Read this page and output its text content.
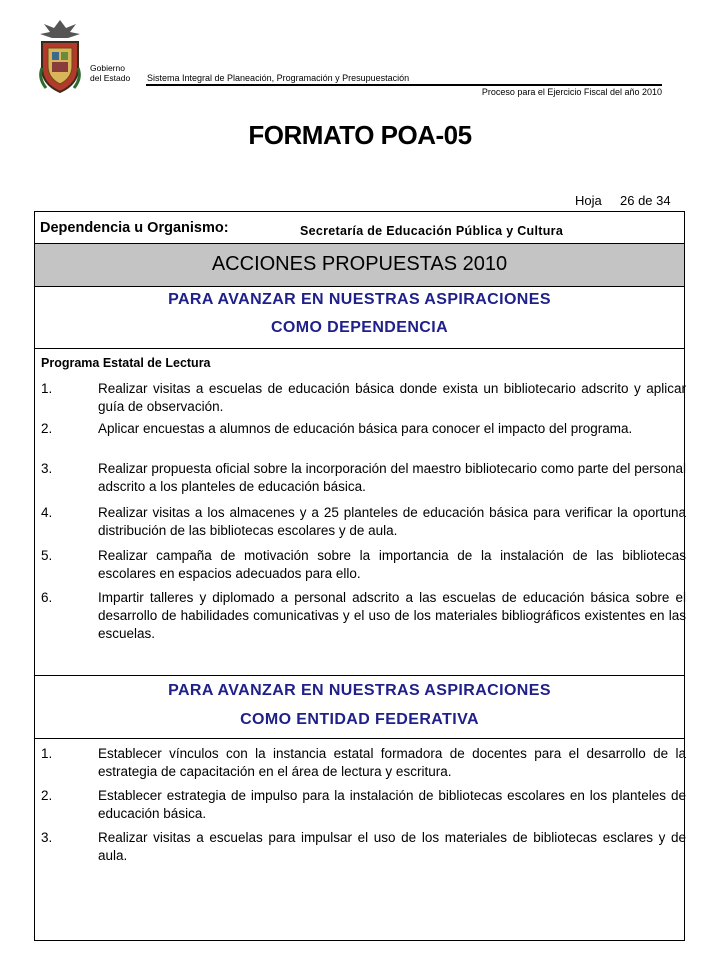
Gobierno
del Estado Sistema Integral de Planeación, Programación y Presupuestación
Proceso para el Ejercicio Fiscal del año 2010
FORMATO POA-05
Hoja 26 de 34
Dependencia u Organismo:	Secretaría de Educación Pública y Cultura
ACCIONES PROPUESTAS 2010
PARA AVANZAR EN NUESTRAS ASPIRACIONES
COMO DEPENDENCIA
Programa Estatal de Lectura
1.	Realizar visitas a escuelas de educación básica donde exista un bibliotecario adscrito y aplicar guía de observación.
2.	Aplicar encuestas a alumnos de educación básica para conocer el impacto del programa.
3.	Realizar propuesta oficial sobre la incorporación del maestro bibliotecario como parte del personal adscrito a los planteles de educación básica.
4.	Realizar visitas a los almacenes y a 25 planteles de educación básica para verificar la oportuna distribución de las bibliotecas escolares y de aula.
5.	Realizar campaña de motivación sobre la importancia de la instalación de las bibliotecas escolares en espacios adecuados para ello.
6.	Impartir talleres y diplomado a personal adscrito a las escuelas de educación básica sobre el desarrollo de habilidades comunicativas y el uso de los materiales bibliográficos existentes en las escuelas.
PARA AVANZAR EN NUESTRAS ASPIRACIONES
COMO ENTIDAD FEDERATIVA
1.	Establecer vínculos con la instancia estatal formadora de docentes para el desarrollo de la estrategia de capacitación en el área de lectura y escritura.
2.	Establecer estrategia de impulso para la instalación de bibliotecas escolares en los planteles de educación básica.
3.	Realizar visitas a escuelas para impulsar el uso de los materiales de bibliotecas esclares y de aula.
